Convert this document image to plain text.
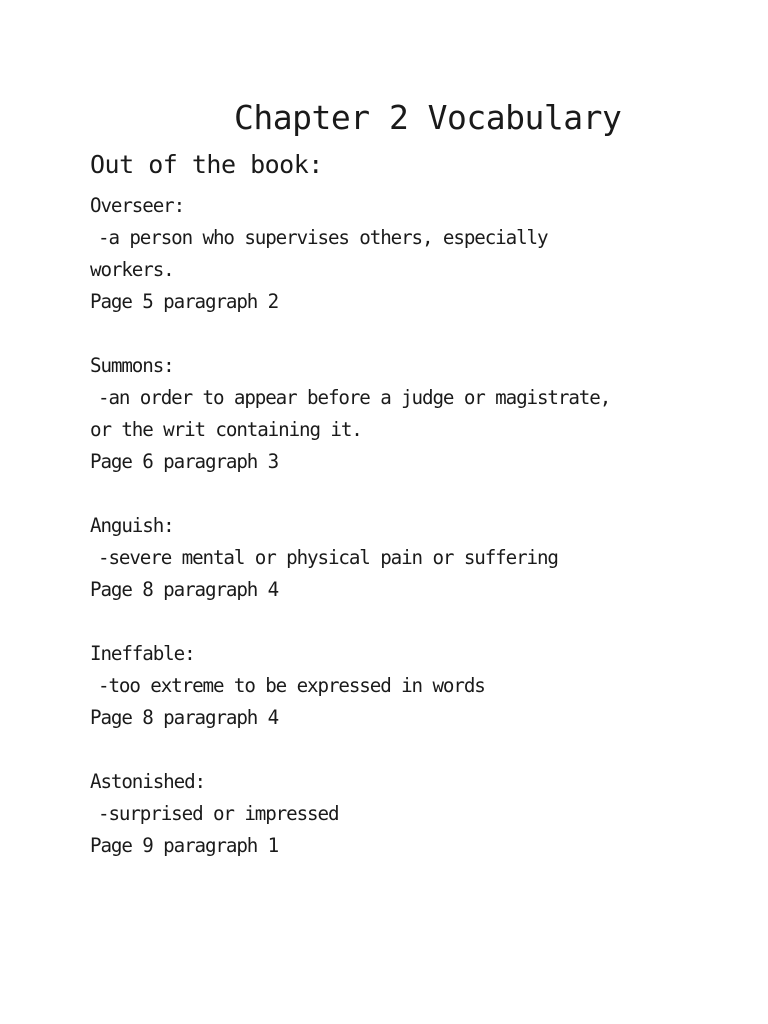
Chapter 2 Vocabulary
Out of the book:
Overseer:
-a person who supervises others, especially
workers.
Page 5 paragraph 2
Summons:
-an order to appear before a judge or magistrate,
or the writ containing it.
Page 6 paragraph 3
Anguish:
-severe mental or physical pain or suffering
Page 8 paragraph 4
Ineffable:
-too extreme to be expressed in words
Page 8 paragraph 4
Astonished:
-surprised or impressed
Page 9 paragraph 1
